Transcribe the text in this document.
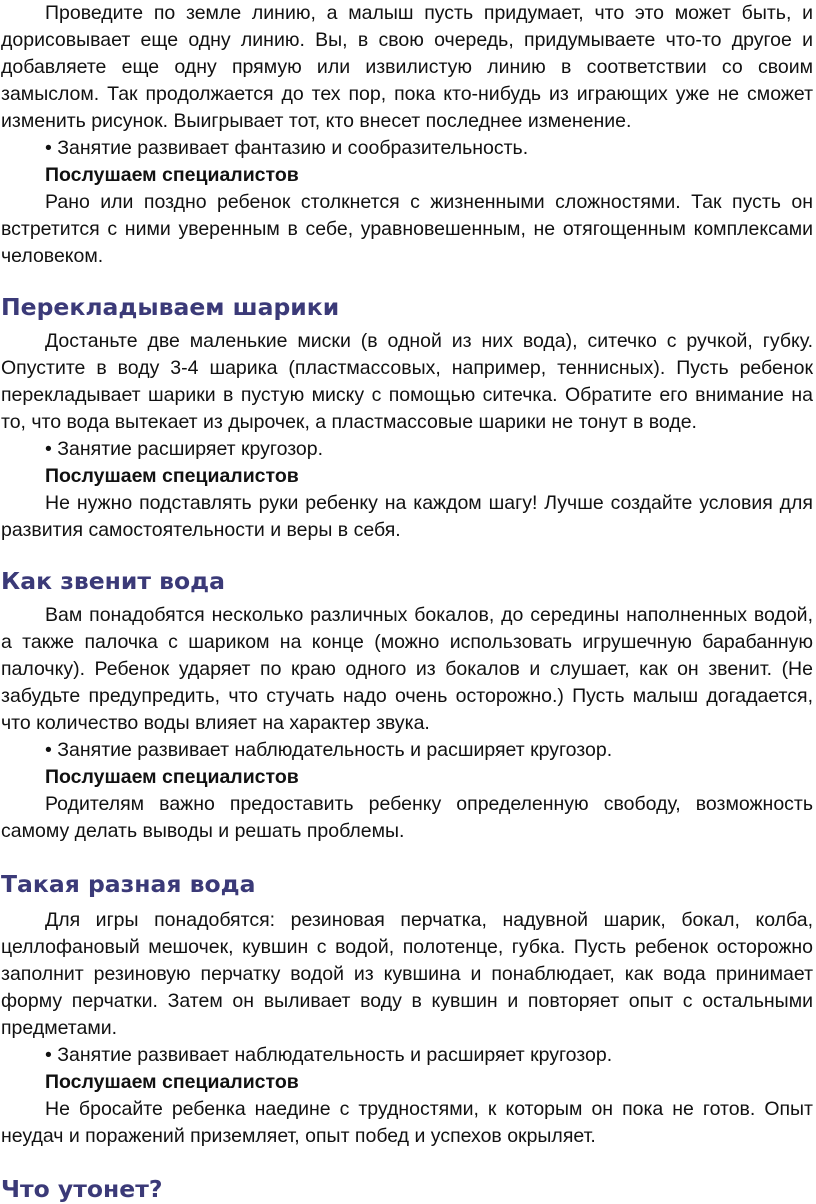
Проведите по земле линию, а малыш пусть придумает, что это может быть, и дорисовывает еще одну линию. Вы, в свою очередь, придумываете что-то другое и добавляете еще одну прямую или извилистую линию в соответствии со своим замыслом. Так продолжается до тех пор, пока кто-нибудь из играющих уже не сможет изменить рисунок. Выигрывает тот, кто внесет последнее изменение.

• Занятие развивает фантазию и сообразительность.

Послушаем специалистов

Рано или поздно ребенок столкнется с жизненными сложностями. Так пусть он встретится с ними уверенным в себе, уравновешенным, не отягощенным комплексами человеком.

Перекладываем шарики

Достаньте две маленькие миски (в одной из них вода), ситечко с ручкой, губку. Опустите в воду 3-4 шарика (пластмассовых, например, теннисных). Пусть ребенок перекладывает шарики в пустую миску с помощью ситечка. Обратите его внимание на то, что вода вытекает из дырочек, а пластмассовые шарики не тонут в воде.

• Занятие расширяет кругозор.

Послушаем специалистов

Не нужно подставлять руки ребенку на каждом шагу! Лучше создайте условия для развития самостоятельности и веры в себя.

Как звенит вода

Вам понадобятся несколько различных бокалов, до середины наполненных водой, а также палочка с шариком на конце (можно использовать игрушечную барабанную палочку). Ребенок ударяет по краю одного из бокалов и слушает, как он звенит. (Не забудьте предупредить, что стучать надо очень осторожно.) Пусть малыш догадается, что количество воды влияет на характер звука.

• Занятие развивает наблюдательность и расширяет кругозор.

Послушаем специалистов

Родителям важно предоставить ребенку определенную свободу, возможность самому делать выводы и решать проблемы.

Такая разная вода

Для игры понадобятся: резиновая перчатка, надувной шарик, бокал, колба, целлофановый мешочек, кувшин с водой, полотенце, губка. Пусть ребенок осторожно заполнит резиновую перчатку водой из кувшина и понаблюдает, как вода принимает форму перчатки. Затем он выливает воду в кувшин и повторяет опыт с остальными предметами.

• Занятие развивает наблюдательность и расширяет кругозор.

Послушаем специалистов

Не бросайте ребенка наедине с трудностями, к которым он пока не готов. Опыт неудач и поражений приземляет, опыт побед и успехов окрыляет.

Что утонет?
